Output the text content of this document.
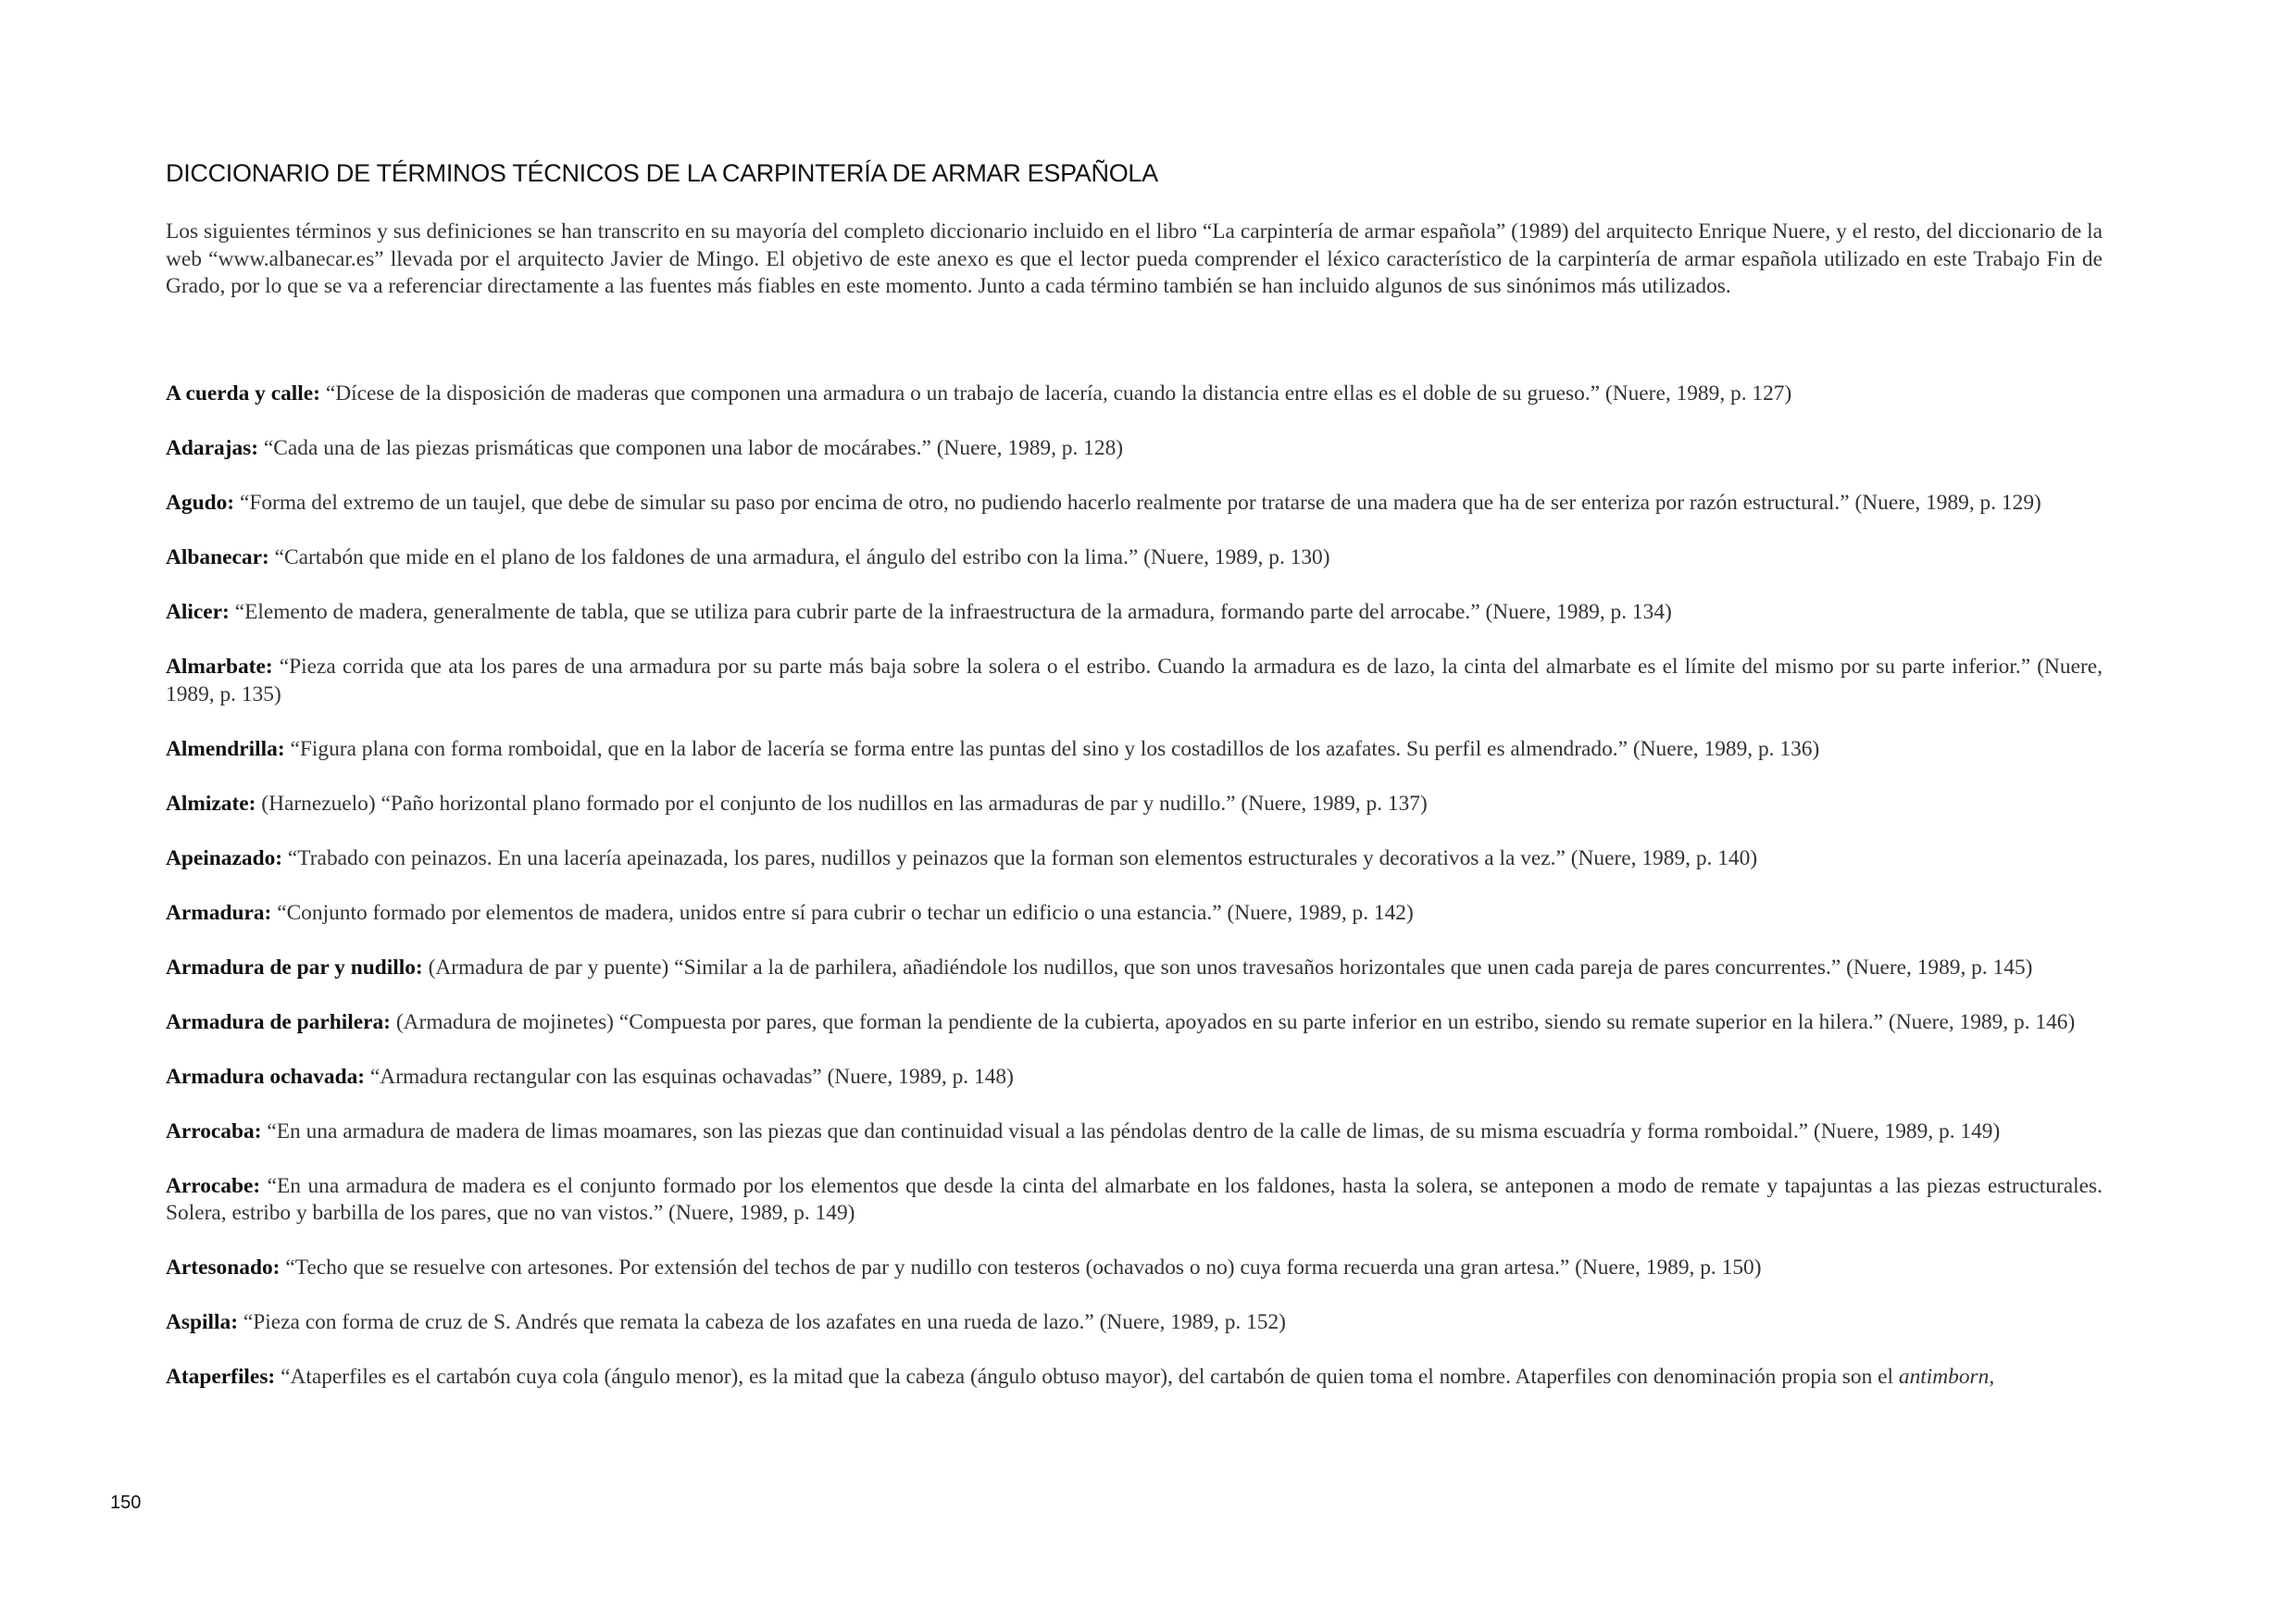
DICCIONARIO DE TÉRMINOS TÉCNICOS DE LA CARPINTERÍA DE ARMAR ESPAÑOLA

Los siguientes términos y sus definiciones se han transcrito en su mayoría del completo diccionario incluido en el libro “La carpintería de armar española” (1989) del arquitecto Enrique Nuere, y el resto, del diccionario de la web “www.albanecar.es” llevada por el arquitecto Javier de Mingo. El objetivo de este anexo es que el lector pueda comprender el léxico característico de la carpintería de armar española utilizado en este Trabajo Fin de Grado, por lo que se va a referenciar directamente a las fuentes más fiables en este momento. Junto a cada término también se han incluido algunos de sus sinónimos más utilizados.

A cuerda y calle: “Dícese de la disposición de maderas que componen una armadura o un trabajo de lacería, cuando la distancia entre ellas es el doble de su grueso.” (Nuere, 1989, p. 127)
Adarajas: “Cada una de las piezas prismáticas que componen una labor de mocárabes.” (Nuere, 1989, p. 128)
Agudo: “Forma del extremo de un taujel, que debe de simular su paso por encima de otro, no pudiendo hacerlo realmente por tratarse de una madera que ha de ser enteriza por razón estructural.” (Nuere, 1989, p. 129)
Albanecar: “Cartabón que mide en el plano de los faldones de una armadura, el ángulo del estribo con la lima.” (Nuere, 1989, p. 130)
Alicer: “Elemento de madera, generalmente de tabla, que se utiliza para cubrir parte de la infraestructura de la armadura, formando parte del arrocabe.” (Nuere, 1989, p. 134)
Almarbate: “Pieza corrida que ata los pares de una armadura por su parte más baja sobre la solera o el estribo. Cuando la armadura es de lazo, la cinta del almarbate es el límite del mismo por su parte inferior.” (Nuere, 1989, p. 135)
Almendrilla: “Figura plana con forma romboidal, que en la labor de lacería se forma entre las puntas del sino y los costadillos de los azafates. Su perfil es almendrado.” (Nuere, 1989, p. 136)
Almizate: (Harnezuelo) “Paño horizontal plano formado por el conjunto de los nudillos en las armaduras de par y nudillo.” (Nuere, 1989, p. 137)
Apeinazado: “Trabado con peinazos. En una lacería apeinazada, los pares, nudillos y peinazos que la forman son elementos estructurales y decorativos a la vez.” (Nuere, 1989, p. 140)
Armadura: “Conjunto formado por elementos de madera, unidos entre sí para cubrir o techar un edificio o una estancia.” (Nuere, 1989, p. 142)
Armadura de par y nudillo: (Armadura de par y puente) “Similar a la de parhilera, añadiéndole los nudillos, que son unos travesaños horizontales que unen cada pareja de pares concurrentes.” (Nuere, 1989, p. 145)
Armadura de parhilera: (Armadura de mojinetes) “Compuesta por pares, que forman la pendiente de la cubierta, apoyados en su parte inferior en un estribo, siendo su remate superior en la hilera.” (Nuere, 1989, p. 146)
Armadura ochavada: “Armadura rectangular con las esquinas ochavadas” (Nuere, 1989, p. 148)
Arrocaba: “En una armadura de madera de limas moamares, son las piezas que dan continuidad visual a las péndolas dentro de la calle de limas, de su misma escuadría y forma romboidal.” (Nuere, 1989, p. 149)
Arrocabe: “En una armadura de madera es el conjunto formado por los elementos que desde la cinta del almarbate en los faldones, hasta la solera, se anteponen a modo de remate y tapajuntas a las piezas estructurales. Solera, estribo y barbilla de los pares, que no van vistos.” (Nuere, 1989, p. 149)
Artesonado: “Techo que se resuelve con artesones. Por extensión del techos de par y nudillo con testeros (ochavados o no) cuya forma recuerda una gran artesa.” (Nuere, 1989, p. 150)
Aspilla: “Pieza con forma de cruz de S. Andrés que remata la cabeza de los azafates en una rueda de lazo.” (Nuere, 1989, p. 152)
Ataperfiles: “Ataperfiles es el cartabón cuya cola (ángulo menor), es la mitad que la cabeza (ángulo obtuso mayor), del cartabón de quien toma el nombre. Ataperfiles con denominación propia son el antimborn,
150
